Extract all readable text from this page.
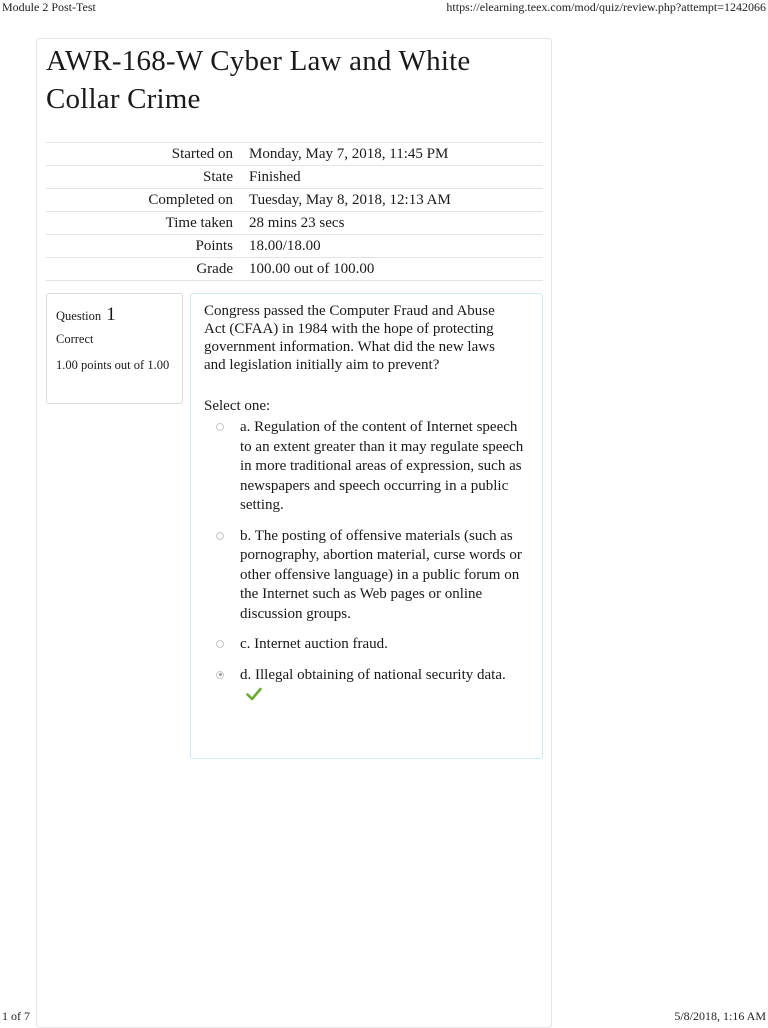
Module 2 Post-Test	https://elearning.teex.com/mod/quiz/review.php?attempt=1242066
AWR-168-W Cyber Law and White Collar Crime
Started on	Monday, May 7, 2018, 11:45 PM
State	Finished
Completed on	Tuesday, May 8, 2018, 12:13 AM
Time taken	28 mins 23 secs
Points	18.00/18.00
Grade	100.00 out of 100.00
Question 1
Correct
1.00 points out of 1.00

Congress passed the Computer Fraud and Abuse Act (CFAA) in 1984 with the hope of protecting government information. What did the new laws and legislation initially aim to prevent?

Select one:
a. Regulation of the content of Internet speech to an extent greater than it may regulate speech in more traditional areas of expression, such as newspapers and speech occurring in a public setting.
b. The posting of offensive materials (such as pornography, abortion material, curse words or other offensive language) in a public forum on the Internet such as Web pages or online discussion groups.
c. Internet auction fraud.
d. Illegal obtaining of national security data.
1 of 7	5/8/2018, 1:16 AM
